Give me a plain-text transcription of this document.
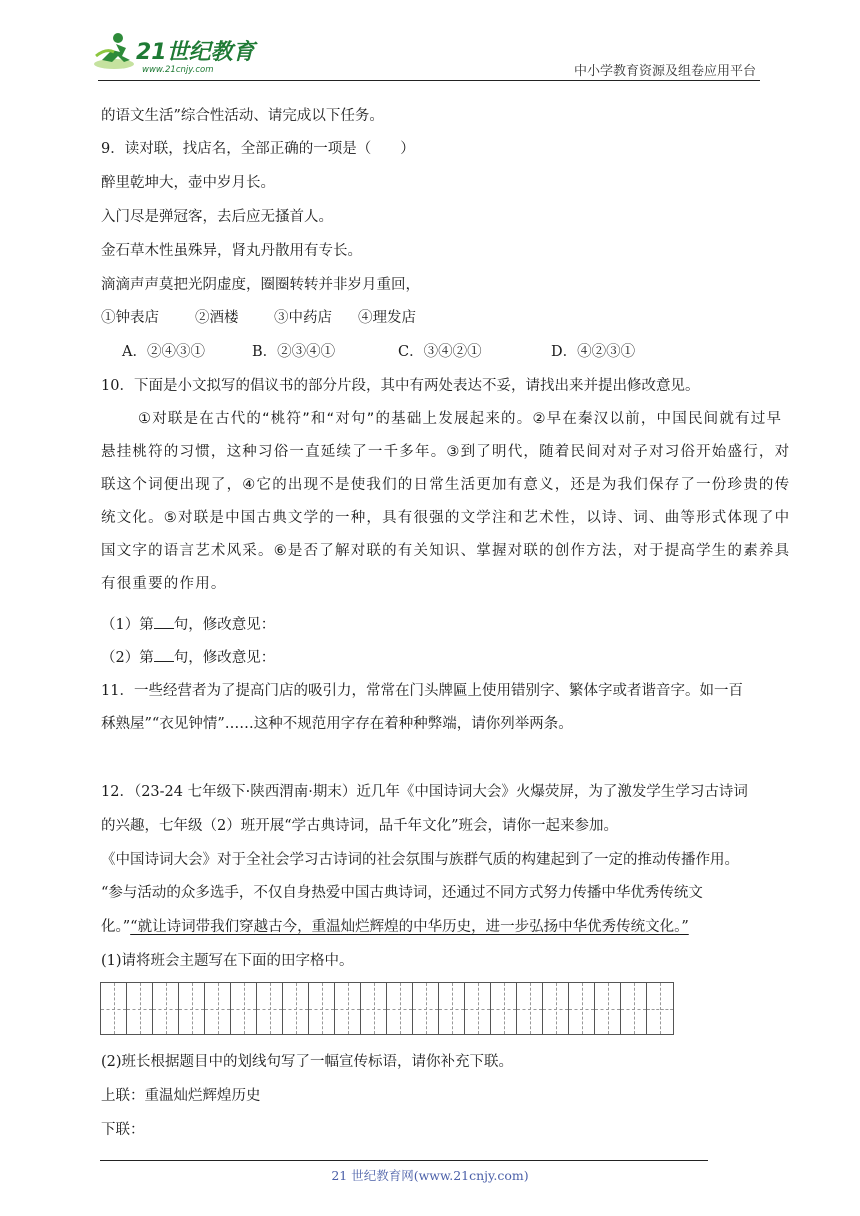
21世纪教育
www.21cnjy.com	中小学教育资源及组卷应用平台
的语文生活”综合性活动、请完成以下任务。
9．读对联，找店名，全部正确的一项是（　　）
醉里乾坤大，壶中岁月长。
入门尽是弹冠客，去后应无搔首人。
金石草木性虽殊异，肾丸丹散用有专长。
滴滴声声莫把光阴虚度，圈圈转转并非岁月重回，
①钟表店 ②酒楼 ③中药店 ④理发店
A．②④③①	B．②③④①	C．③④②①	D．④②③①
10．下面是小文拟写的倡议书的部分片段，其中有两处表达不妥，请找出来并提出修改意见。
①对联是在古代的“桃符”和“对句”的基础上发展起来的。②早在秦汉以前，中国民间就有过早
悬挂桃符的习惯，这种习俗一直延续了一千多年。③到了明代，随着民间对对子对习俗开始盛行，对
联这个词便出现了，④它的出现不是使我们的日常生活更加有意义，还是为我们保存了一份珍贵的传
统文化。⑤对联是中国古典文学的一种，具有很强的文学注和艺术性，以诗、词、曲等形式体现了中
国文字的语言艺术风采。⑥是否了解对联的有关知识、掌握对联的创作方法，对于提高学生的素养具
有很重要的作用。
（1）第 句，修改意见：
（2）第 句，修改意见：
11．一些经营者为了提高门店的吸引力，常常在门头牌匾上使用错别字、繁体字或者谐音字。如一百
秝熟屋”“衣见钟情”……这种不规范用字存在着种种弊端，请你列举两条。
12．（23-24 七年级下·陕西渭南·期末）近几年《中国诗词大会》火爆荧屏，为了激发学生学习古诗词
的兴趣，七年级（2）班开展“学古典诗词，品千年文化”班会，请你一起来参加。
《中国诗词大会》对于全社会学习古诗词的社会氛围与族群气质的构建起到了一定的推动传播作用。
“参与活动的众多选手，不仅自身热爱中国古典诗词，还通过不同方式努力传播中华优秀传统文
化。”“就让诗词带我们穿越古今，重温灿烂辉煌的中华历史，进一步弘扬中华优秀传统文化。”
(1)请将班会主题写在下面的田字格中。
(2)班长根据题目中的划线句写了一幅宣传标语，请你补充下联。
上联：重温灿烂辉煌历史
下联：
21 世纪教育网(www.21cnjy.com)
